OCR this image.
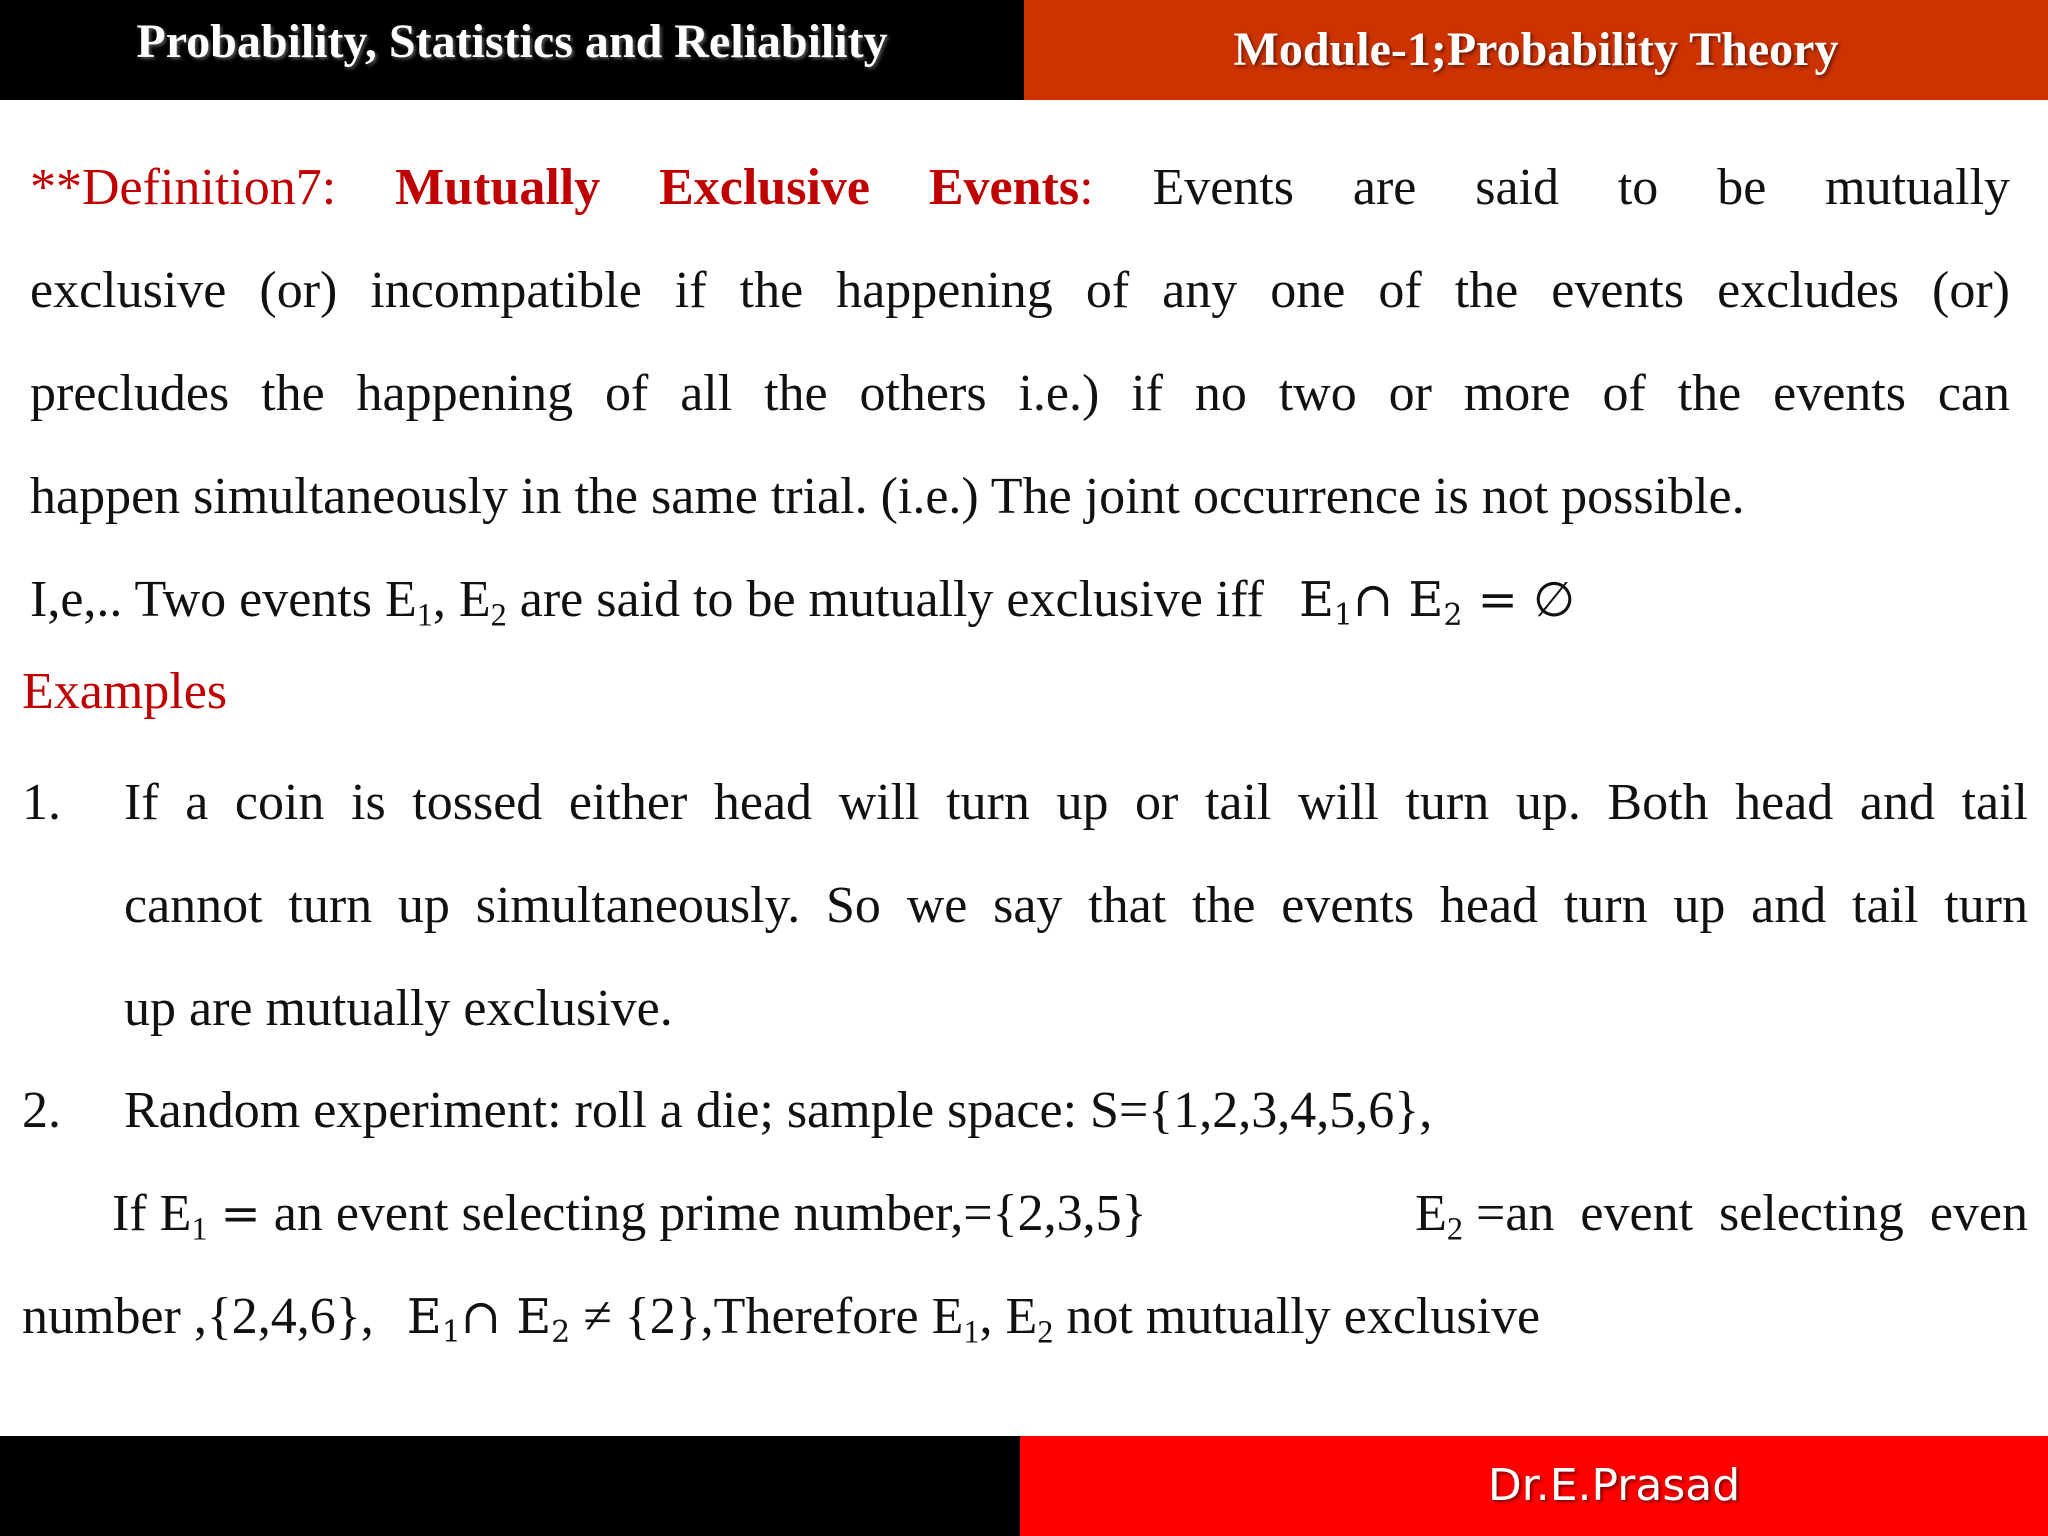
Probability, Statistics and Reliability	Module-1;Probability Theory
**Definition7: Mutually Exclusive Events: Events are said to be mutually
exclusive (or) incompatible if the happening of any one of the events excludes (or)
precludes the happening of all the others i.e.) if no two or more of the events can
happen simultaneously in the same trial. (i.e.) The joint occurrence is not possible.
I,e,.. Two events $E_1$, $E_2$ are said to be mutually exclusive iff $E_1\cap$ $E_2$ = ∅
Examples
1. If a coin is tossed either head will turn up or tail will turn up. Both head and tail
cannot turn up simultaneously. So we say that the events head turn up and tail turn
up are mutually exclusive.
2. Random experiment: roll a die; sample space: S={1,2,3,4,5,6},
If $E_1$ = an event selecting prime number,={2,3,5}	$E_2 =an$  event  selecting  even
number ,{2,4,6}, $E_1\cap$ $E_2$ ≠ {2},Therefore $E_1$, $E_2$ not mutually exclusive
Dr.E.Prasad
